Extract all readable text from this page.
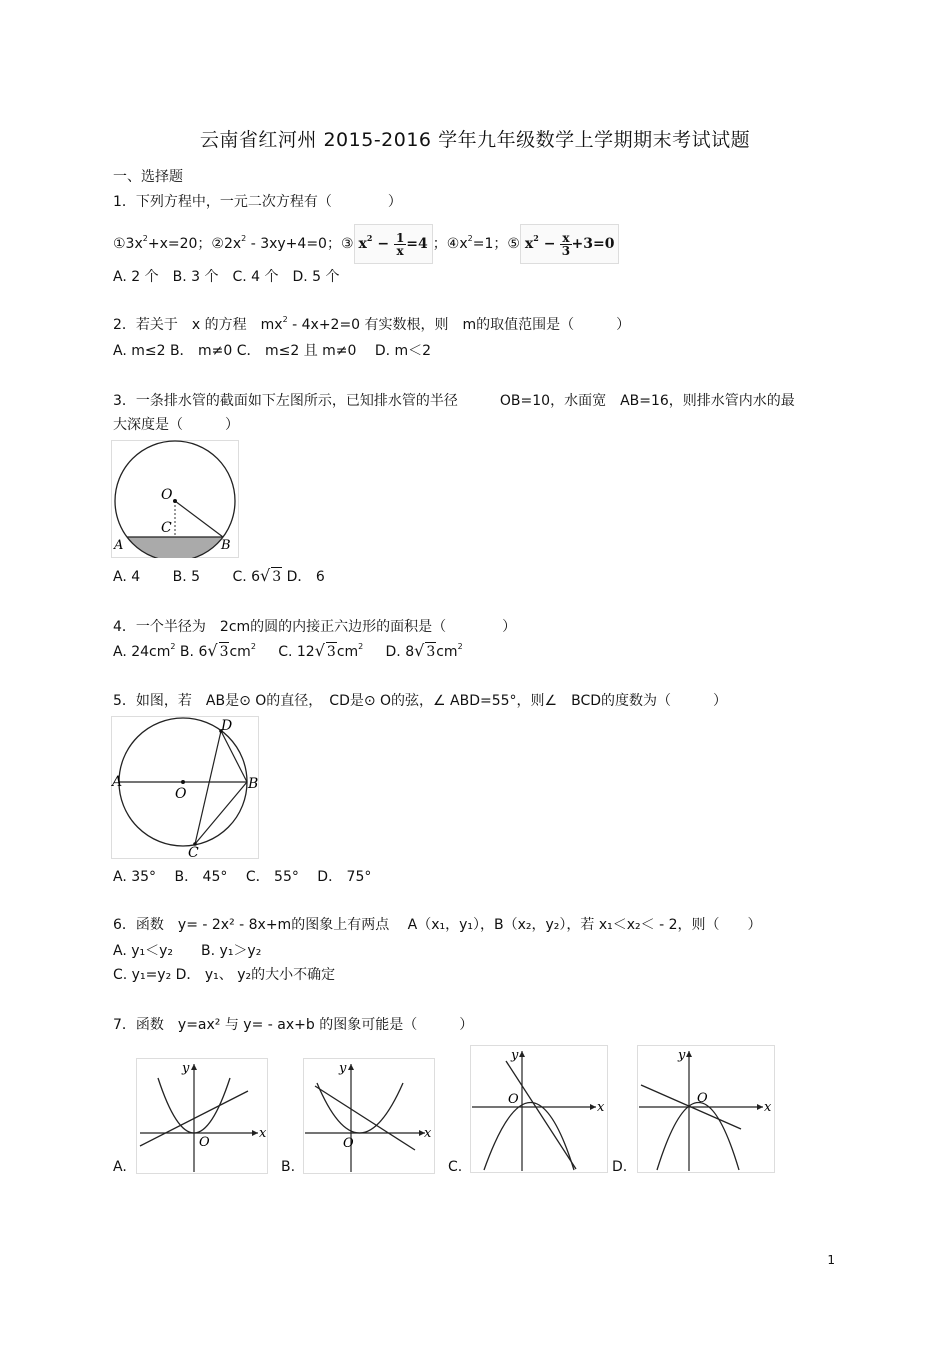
云南省红河州 2015-2016 学年九年级数学上学期期末考试试题
一、选择题
1．下列方程中，一元二次方程有（　　　　）
$①3x^2+x=20$；$②2x^2 - 3xy+4=0$；③ $x^2 - \frac{1}{x} =4$ ；$④x^2=1$；⑤ $x^2 - \frac{x}{3} +3=0$
A. 2 个　B. 3 个　C. 4 个　D. 5 个
2．若关于　x 的方程　$mx^2 - 4x+2=0$ 有实数根，则　m的取值范围是（　　　）
A. m≤2 B． m≠0 C． m≤2 且 m≠0　 D. m＜2
3．一条排水管的截面如下左图所示，已知排水管的半径　　　OB=10，水面宽　AB=16，则排水管内水的最
大深度是（　　　）
O
C
A	B
A. 4　　 B. 5　　 C. 6√ 3 D． 6
4．一个半径为　2cm的圆的内接正六边形的面积是（　　　　）
A. $24cm^2$ B. 6√ $3cm^2$ C. 12√ $3cm^2$ D. 8√ $3cm^2$
5．如图，若　AB是⊙ O的直径，　CD是⊙ O的弦，∠ ABD=55°，则∠　BCD的度数为（　　　）
A	B
C
D
O
A. 35°　 B． 45°　 C． 55°　 D． 75°
6．函数　y= - 2x² - 8x+m的图象上有两点　 A（x₁，y₁），B（x₂，y₂），若 x₁＜x₂＜ - 2，则（　　）
A. y₁＜y₂　　B. y₁＞y₂
C. y₁=y₂ D． y₁、 y₂的大小不确定
7．函数　y=ax² 与 y= - ax+b 的图象可能是（　　　）
x
y
O
A.
x
y
O
B.
x
y
O
C.
x
y
O
D.
1
